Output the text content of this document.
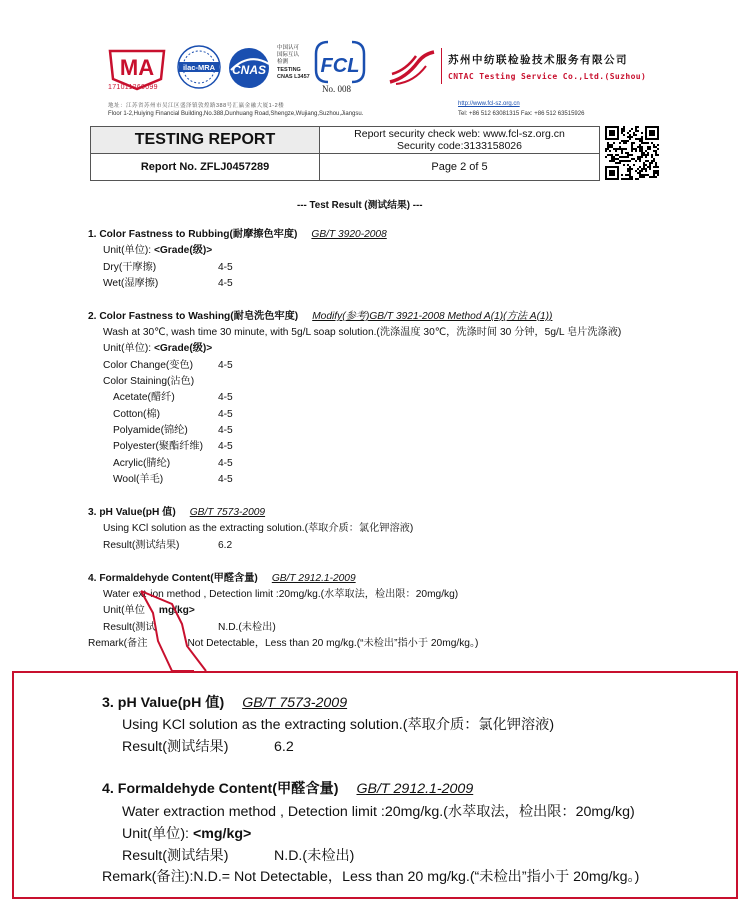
MA
171011260099
ilac-MRA CNAS
中国认可
国际互认
检测
TESTING
CNAS L3457 FCL
No. 008
苏州中纺联检验技术服务有限公司
CNTAC Testing Service Co.,Ltd.(Suzhou)
地址：江苏省苏州市吴江区盛泽镇敦煌路388号汇赢金融大厦1-2楼
Floor 1-2,Huiying Financial Building,No.388,Dunhuang Road,Shengze,Wujiang,Suzhou,Jiangsu.
http://www.fcl-sz.org.cn
Tel: +86 512 63081315 Fax: +86 512 63515926
TESTING REPORT	Report security check web: www.fcl-sz.org.cn
Security code:3133158026

Report No. ZFLJ0457289	Page 2 of 5
--- Test Result (测试结果) ---
1. Color Fastness to Rubbing(耐摩擦色牢度) GB/T 3920-2008
Unit(单位): <Grade(级)>
Dry(干摩擦)	4-5
Wet(湿摩擦)	4-5
2. Color Fastness to Washing(耐皂洗色牢度) Modify(参考)GB/T 3921-2008 Method A(1)(方法 A(1))
Wash at 30℃, wash time 30 minute, with 5g/L soap solution.(洗涤温度 30℃，洗涤时间 30 分钟，5g/L 皂片洗涤液)
Unit(单位): <Grade(级)>
Color Change(变色) 4-5
Color Staining(沾色)
Acetate(醋纤)	4-5
Cotton(棉)	4-5
Polyamide(锦纶)	4-5
Polyester(聚酯纤维) 4-5
Acrylic(腈纶)	4-5
Wool(羊毛)	4-5
3. pH Value(pH 值) GB/T 7573-2009
Using KCl solution as the extracting solution.(萃取介质：氯化钾溶液)
Result(测试结果)	6.2
4. Formaldehyde Content(甲醛含量) GB/T 2912.1-2009
Water ext ion method , Detection limit :20mg/kg.(水萃取法，检出限：20mg/kg)
Unit(单位 mg/kg>
Result(测试	N.D.(未检出)
Remark(备注	Not Detectable，Less than 20 mg/kg.(“未检出”指小于 20mg/kg。)
3. pH Value(pH 值) GB/T 7573-2009
Using KCl solution as the extracting solution.(萃取介质：氯化钾溶液)
Result(测试结果)	6.2
4. Formaldehyde Content(甲醛含量) GB/T 2912.1-2009
Water extraction method , Detection limit :20mg/kg.(水萃取法，检出限：20mg/kg)
Unit(单位): <mg/kg>
Result(测试结果)	N.D.(未检出)
Remark(备注):N.D.= Not Detectable，Less than 20 mg/kg.(“未检出”指小于 20mg/kg。)
